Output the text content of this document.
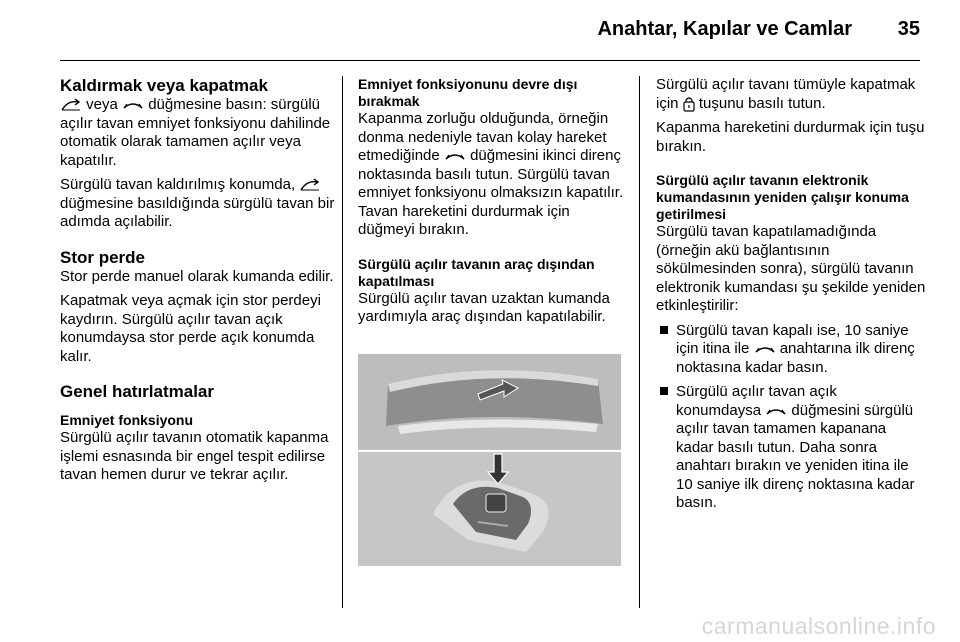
Anahtar, Kapılar ve Camlar 35
Kaldırmak veya kapatmak

veya düğmesine basın: sürgülü açılır tavan emniyet fonksiyonu dahilinde otomatik olarak tamamen açılır veya kapatılır.

Sürgülü tavan kaldırılmış konumda,
düğmesine basıldığında sürgülü tavan bir adımda açılabilir.

Stor perde

Stor perde manuel olarak kumanda edilir.

Kapatmak veya açmak için stor perdeyi kaydırın. Sürgülü açılır tavan açık konumdaysa stor perde açık konumda kalır.

Genel hatırlatmalar
Emniyet fonksiyonu

Sürgülü açılır tavanın otomatik kapanma işlemi esnasında bir engel tespit edilirse tavan hemen durur ve tekrar açılır.

Emniyet fonksiyonunu devre dışı bırakmak

Kapanma zorluğu olduğunda, örneğin donma nedeniyle tavan kolay hareket etmediğinde düğmesini ikinci direnç noktasında basılı tutun. Sürgülü tavan emniyet fonksiyonu olmaksızın kapatılır. Tavan hareketini durdurmak için düğmeyi bırakın.

Sürgülü açılır tavanın araç dışından kapatılması

Sürgülü açılır tavan uzaktan kumanda yardımıyla araç dışından kapatılabilir.

Sürgülü açılır tavanı tümüyle kapatmak için tuşunu basılı tutun.

Kapanma hareketini durdurmak için tuşu bırakın.

Sürgülü açılır tavanın elektronik kumandasının yeniden çalışır konuma getirilmesi

Sürgülü tavan kapatılamadığında (örneğin akü bağlantısının sökülmesinden sonra), sürgülü tavanın elektronik kumandası şu şekilde yeniden etkinleştirilir:

Sürgülü tavan kapalı ise, 10 saniye için itina ile anahtarına ilk direnç noktasına kadar basın.
Sürgülü açılır tavan açık konumdaysa düğmesini sürgülü açılır tavan tamamen kapanana kadar basılı tutun. Daha sonra anahtarı bırakın ve yeniden itina ile 10 saniye ilk direnç noktasına kadar basın.
carmanualsonline.info
